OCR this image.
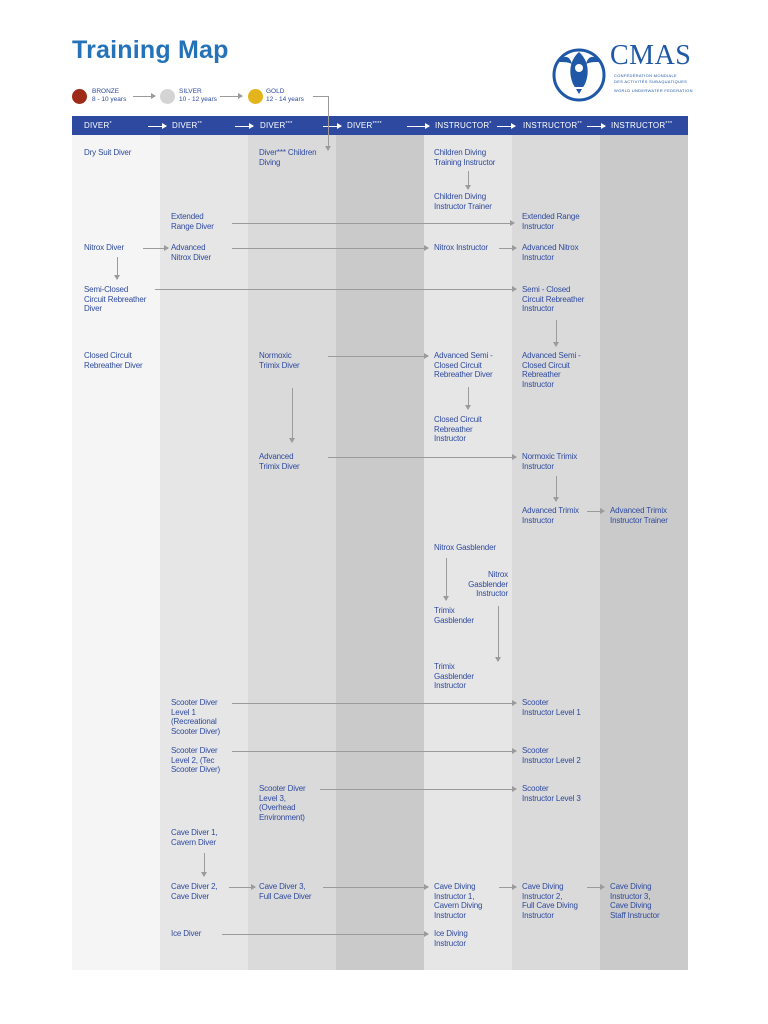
Training Map	CMAS
CONFÉDÉRATION MONDIALE
DES ACTIVITÉS SUBAQUATIQUES
WORLD UNDERWATER FEDERATION
BRONZE
8 - 10 years
SILVER
10 - 12 years
GOLD
12 - 14 years
DIVER*	DIVER**	DIVER***	DIVER****	INSTRUCTOR*	INSTRUCTOR**	INSTRUCTOR***
Dry Suit Diver	Diver*** Children
Diving
Children Diving
Training Instructor
Children Diving
Instructor Trainer
Extended
Range Diver
Extended Range
Instructor
Nitrox Diver	Advanced
Nitrox Diver
Nitrox Instructor	Advanced Nitrox
Instructor
Semi-Closed
Circuit Rebreather
Diver
Semi - Closed
Circuit Rebreather
Instructor
Closed Circuit
Rebreather Diver
Normoxic
Trimix Diver
Advanced Semi -
Closed Circuit
Rebreather Diver
Advanced Semi -
Closed Circuit
Rebreather
Instructor
Closed Circuit
Rebreather
Instructor
Advanced
Trimix Diver
Normoxic Trimix
Instructor
Advanced Trimix
Instructor
Advanced Trimix
Instructor Trainer
Nitrox Gasblender
Nitrox
Gasblender
Instructor
Trimix
Gasblender
Trimix
Gasblender
Instructor
Scooter Diver
Level 1
(Recreational
Scooter Diver)
Scooter
Instructor Level 1
Scooter Diver
Level 2, (Tec
Scooter Diver)
Scooter
Instructor Level 2
Scooter Diver
Level 3,
(Overhead
Environment)
Scooter
Instructor Level 3
Cave Diver 1,
Cavern Diver
Cave Diver 2,
Cave Diver
Cave Diver 3,
Full Cave Diver
Cave Diving
Instructor 1,
Cavern Diving
Instructor
Cave Diving
Instructor 2,
Full Cave Diving
Instructor
Cave Diving
Instructor 3,
Cave Diving
Staff Instructor
Ice Diver	Ice Diving
Instructor
